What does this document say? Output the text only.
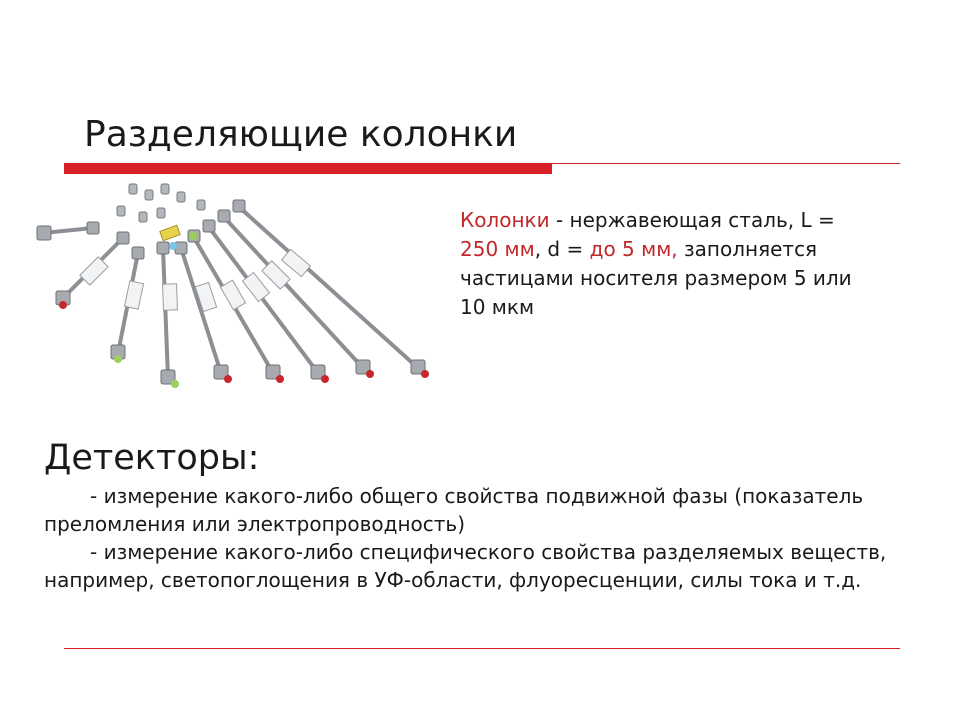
Разделяющие колонки
Колонки - нержавеющая сталь, L = 250 мм, d = до 5 мм, заполняется частицами носителя размером 5 или 10 мкм
Детекторы:

- измерение какого-либо общего свойства подвижной фазы (показатель преломления или электропроводность)

- измерение какого-либо специфического свойства разделяемых веществ, например, светопоглощения в УФ-области, флуоресценции, силы тока и т.д.
